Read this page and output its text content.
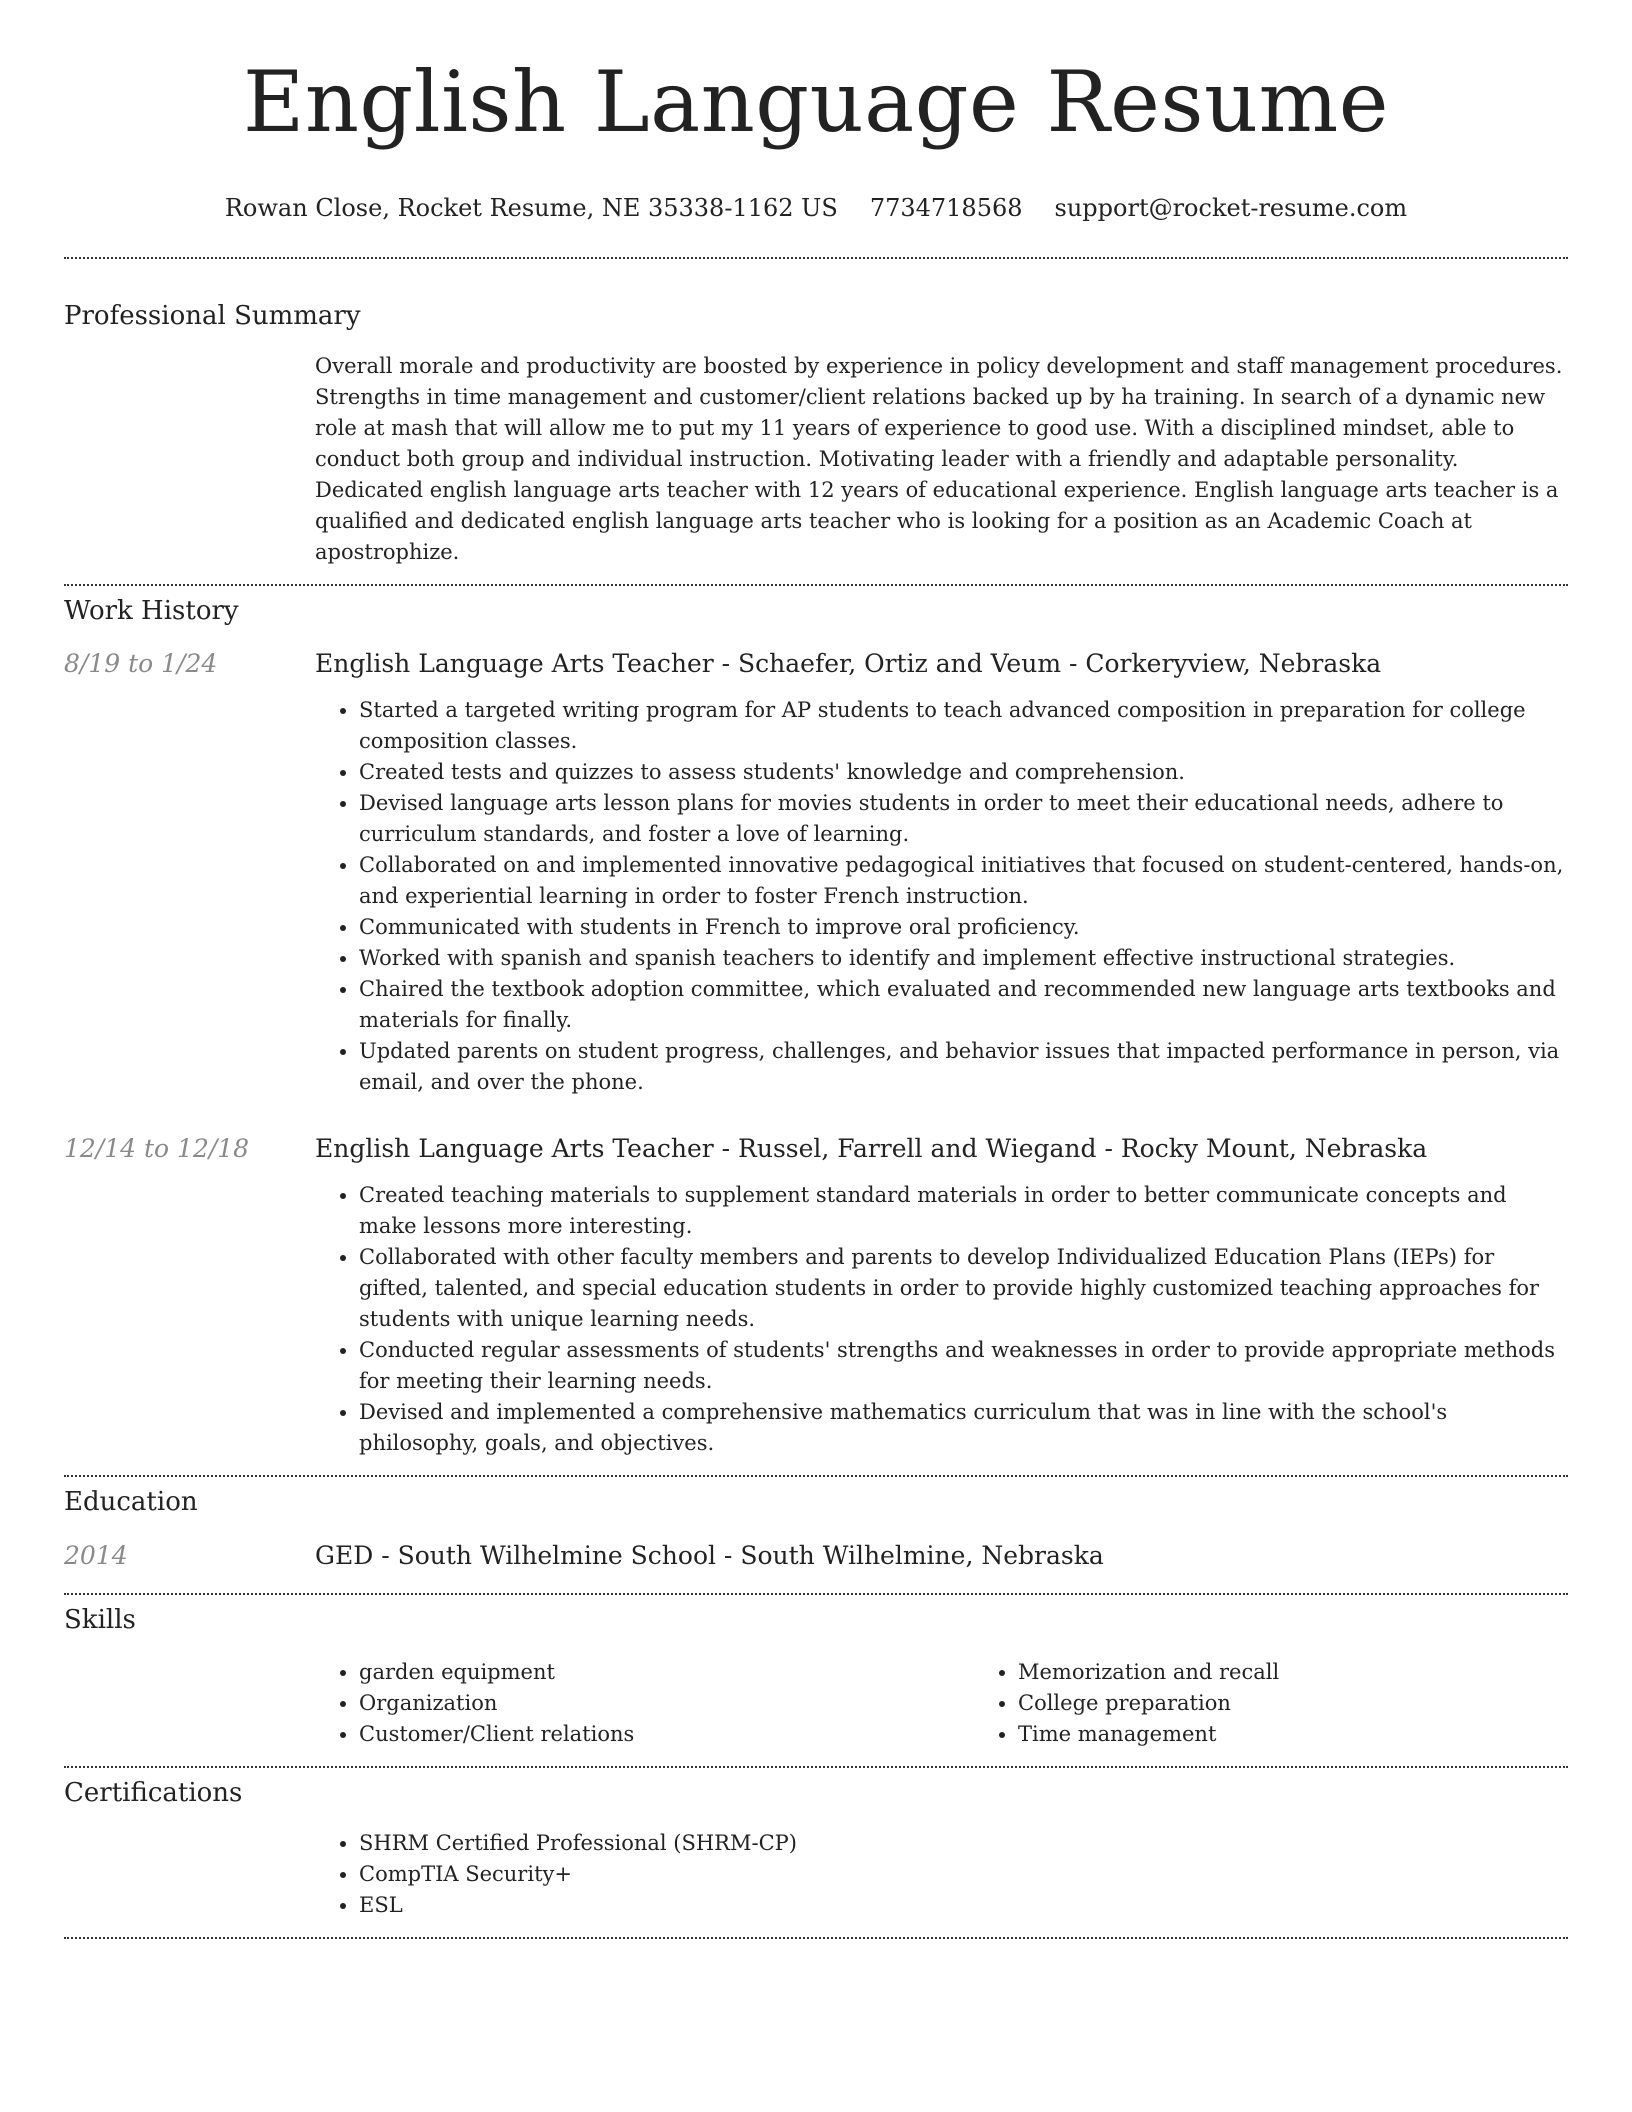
English Language Resume
Rowan Close, Rocket Resume, NE 35338-1162 US 7734718568 support@rocket-resume.com
Professional Summary
Overall morale and productivity are boosted by experience in policy development and staff management procedures. Strengths in time management and customer/client relations backed up by ha training. In search of a dynamic new role at mash that will allow me to put my 11 years of experience to good use. With a disciplined mindset, able to conduct both group and individual instruction. Motivating leader with a friendly and adaptable personality. Dedicated english language arts teacher with 12 years of educational experience. English language arts teacher is a qualified and dedicated english language arts teacher who is looking for a position as an Academic Coach at apostrophize.
Work History
8/19 to 1/24	English Language Arts Teacher - Schaefer, Ortiz and Veum - Corkeryview, Nebraska
• Started a targeted writing program for AP students to teach advanced composition in preparation for college composition classes.
• Created tests and quizzes to assess students' knowledge and comprehension.
• Devised language arts lesson plans for movies students in order to meet their educational needs, adhere to curriculum standards, and foster a love of learning.
• Collaborated on and implemented innovative pedagogical initiatives that focused on student-centered, hands-on, and experiential learning in order to foster French instruction.
• Communicated with students in French to improve oral proficiency.
• Worked with spanish and spanish teachers to identify and implement effective instructional strategies.
• Chaired the textbook adoption committee, which evaluated and recommended new language arts textbooks and materials for finally.
• Updated parents on student progress, challenges, and behavior issues that impacted performance in person, via email, and over the phone.
12/14 to 12/18	English Language Arts Teacher - Russel, Farrell and Wiegand - Rocky Mount, Nebraska
• Created teaching materials to supplement standard materials in order to better communicate concepts and make lessons more interesting.
• Collaborated with other faculty members and parents to develop Individualized Education Plans (IEPs) for gifted, talented, and special education students in order to provide highly customized teaching approaches for students with unique learning needs.
• Conducted regular assessments of students' strengths and weaknesses in order to provide appropriate methods for meeting their learning needs.
• Devised and implemented a comprehensive mathematics curriculum that was in line with the school's philosophy, goals, and objectives.
Education
2014	GED - South Wilhelmine School - South Wilhelmine, Nebraska
Skills
• garden equipment
• Organization
• Customer/Client relations
• Memorization and recall
• College preparation
• Time management
Certifications
• SHRM Certified Professional (SHRM-CP)
• CompTIA Security+
• ESL
